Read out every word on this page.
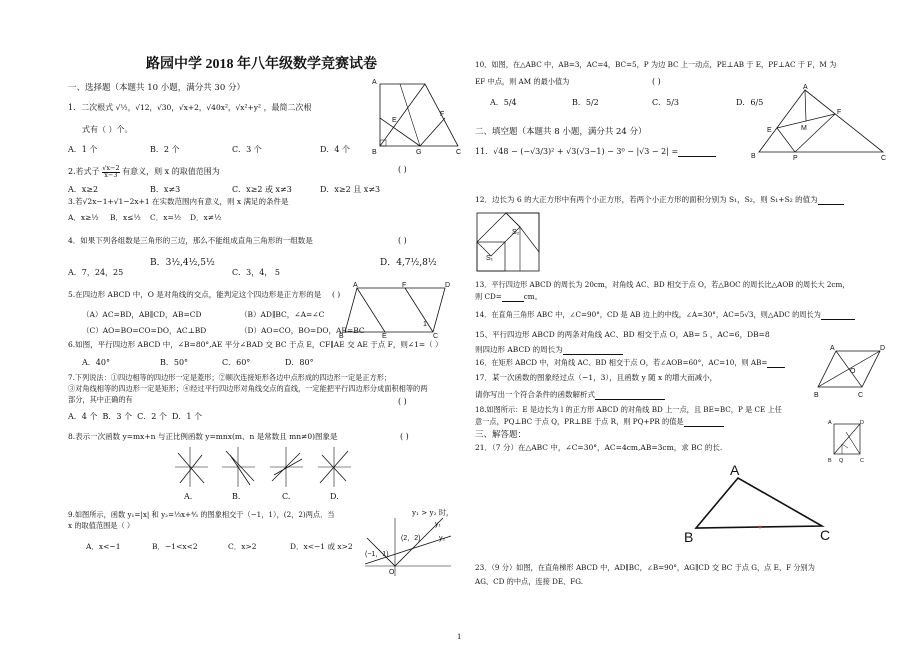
路园中学 2018 年八年级数学竞赛试卷
一、选择题（本题共 10 小题，满分共 30 分）
1．二次根式 √½，√12，√30，√x+2，√40x²，√x²+y² ，最简二次根
式有（ ）个。
A．1 个	B．2 个	C．3 个	D．4 个
2.若式子 √x−2
x−3 有意义，则 x 的取值范围为	( )
A．x≥2	B．x≠3	C．x≥2 或 x≠3	D．x≥2 且 x≠3
3.若√2x−1+√1−2x+1 在实数范围内有意义，则 x 满足的条件是
A．x≥½ B．x≤½ C．x=½ D．x≠½
4．如果下列各组数是三角形的三边，那么不能组成直角三角形的一组数是	( )
A．7，24，25
B．3½,4½,5½
C．3，4， 5
D．4,7½,8½
5.在四边形 ABCD 中，O 是对角线的交点，能判定这个四边形是正方形的是 ( )
（A）AC=BD，AB∥CD，AB=CD	（B）AD∥BC，∠A=∠C
（C）AO=BO=CO=DO，AC⊥BD	（D）AO=CO，BO=DO，AB=BC
A	F	D
B	E	C
1
6.如图，平行四边形 ABCD 中，∠B=80°,AE 平分∠BAD 交 BC 于点 E，CF∥AE 交 AE 于点 F，则∠1=（ ）
A．40°	B．50°	C．60°	D．80°
7.下列说法：①四边相等的四边形一定是菱形；②顺次连接矩形各边中点形成的四边形一定是正方形；
③对角线相等的四边形一定是矩形；④经过平行四边形对角线交点的直线，一定能把平行四边形分成面积相等的两
部分，其中正确的有	( )
A．4 个 B．3 个 C．2 个 D．1 个
8.表示一次函数 y=mx+n 与正比例函数 y=mnx(m、n 是常数且 mn≠0)图象是	( )
A.	B.	C.	D.
9.如图所示，函数 y₁=|x| 和 y₂=⅓x+⁴⁄₃ 的图象相交于（−1，1），(2，2)两点．当	y₁ > y₂ 时，
x 的取值范围是（ ）
A．x<−1	B．−1<x<2	C．x>2	D．x<−1 或 x>2
y₁
y₂
(2，2)
(−1，1)
O
A
B
E
F
G	C
10、如图，在△ABC 中，AB=3，AC=4，BC=5，P 为边 BC 上一动点，PE⊥AB 于 E，PF⊥AC 于 F，M 为
EF 中点，则 AM 的最小值为	( )
A．5/4	B．5/2	C．5/3	D．6/5
A
B	C
E
F
M
P
二、填空题（本题共 8 小题，满分共 24 分）
11．√48 − (−√3/3)² + √3(√3−1) − 3⁰ − |√3 − 2| =
12．边长为 6 的大正方形中有两个小正方形，若两个小正方形的面积分别为 S₁，S₂，则 S₁+S₂ 的值为
S₂
S₁
13．平行四边形 ABCD 的周长为 20cm，对角线 AC、BD 相交于点 O，若△BOC 的周长比△AOB 的周长大 2cm，
则 CD=	cm。
14．在直角三角形 ABC 中，∠C=90°，CD 是 AB 边上的中线，∠A=30°，AC=5√3，则△ADC 的周长为
15、平行四边形 ABCD 的两条对角线 AC、BD 相交于点 O，AB= 5 ，AC=6，DB=8
则四边形 ABCD 的周长为
16．在矩形 ABCD 中，对角线 AC、BD 相交于点 O，若∠AOB=60°，AC=10，则 AB=
A	D
B	C
O
17．某一次函数的图象经过点（−1，3），且函数 y 随 x 的增大而减小，
请你写出一个符合条件的函数解析式
18.如图所示：E 是边长为 l 的正方形 ABCD 的对角线 BD 上一点，且 BE=BC，P 是 CE 上任
意一点，PQ⊥BC 于点 Q，PR⊥BE 于点 R，则 PQ+PR 的值是	A	D
B	C
Q
三、解答题：
21．（7 分）在△ABC 中，∠C=30°，AC=4cm,AB=3cm，求 BC 的长.
A
B	C
23．（9 分）如图，在直角梯形 ABCD 中，AD∥BC，∠B=90°，AG∥CD 交 BC 于点 G，点 E、F 分别为
AG、CD 的中点，连接 DE、FG.
1
